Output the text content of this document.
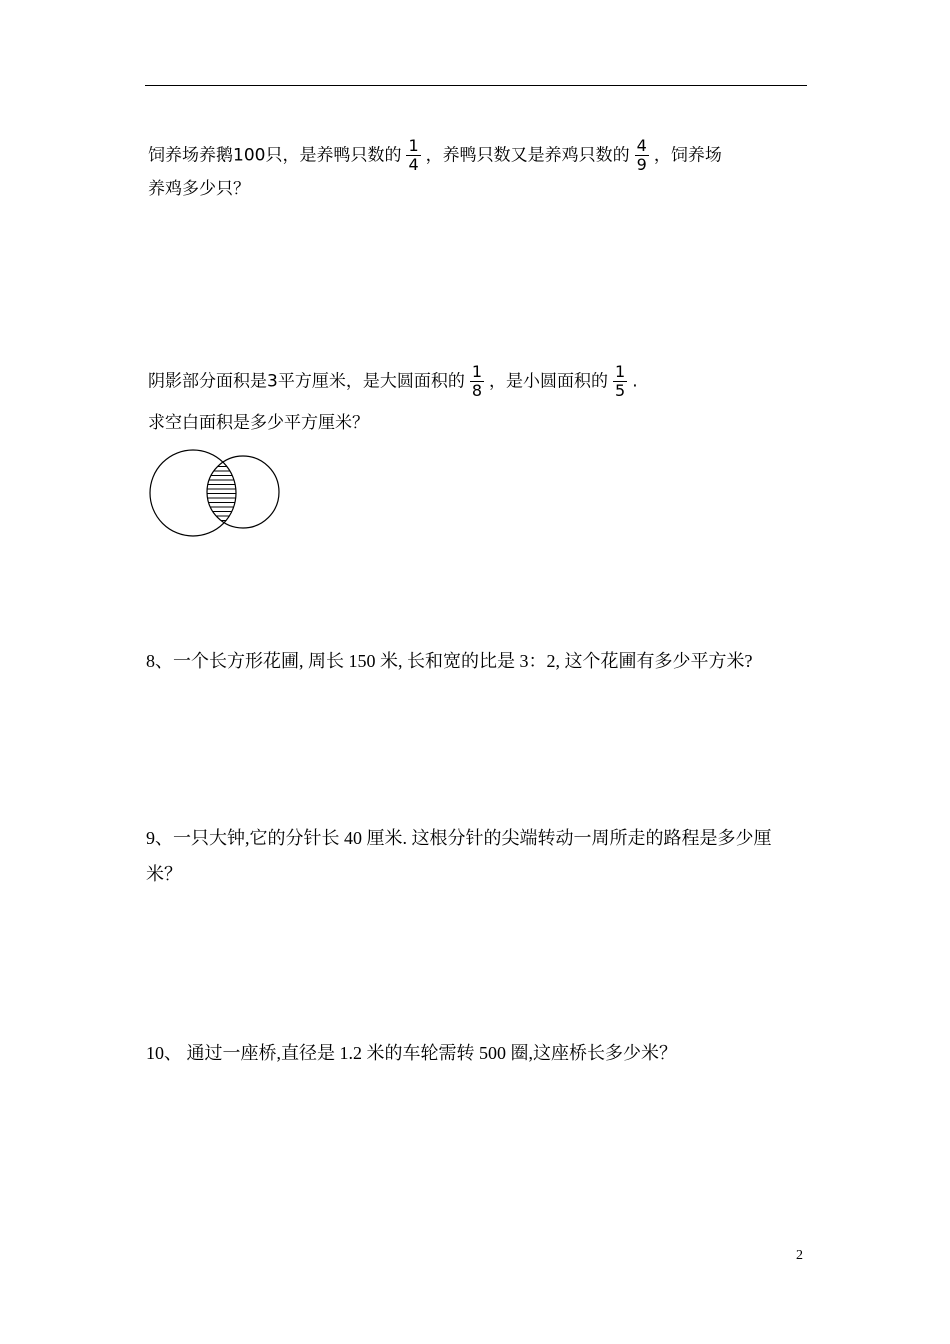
饲养场养鹅100只，是养鸭只数的 $\frac{1}{4}$ ，养鸭只数又是养鸡只数的 $\frac{4}{9}$ ，饲养场
养鸡多少只？
阴影部分面积是3平方厘米，是大圆面积的 $\frac{1}{8}$ ，是小圆面积的 $\frac{1}{5}$ .
求空白面积是多少平方厘米？
8、一个长方形花圃, 周长 150 米, 长和宽的比是 3：2, 这个花圃有多少平方米?
9、一只大钟,它的分针长 40 厘米. 这根分针的尖端转动一周所走的路程是多少厘
米？
10、 通过一座桥,直径是 1.2 米的车轮需转 500 圈,这座桥长多少米？
2
